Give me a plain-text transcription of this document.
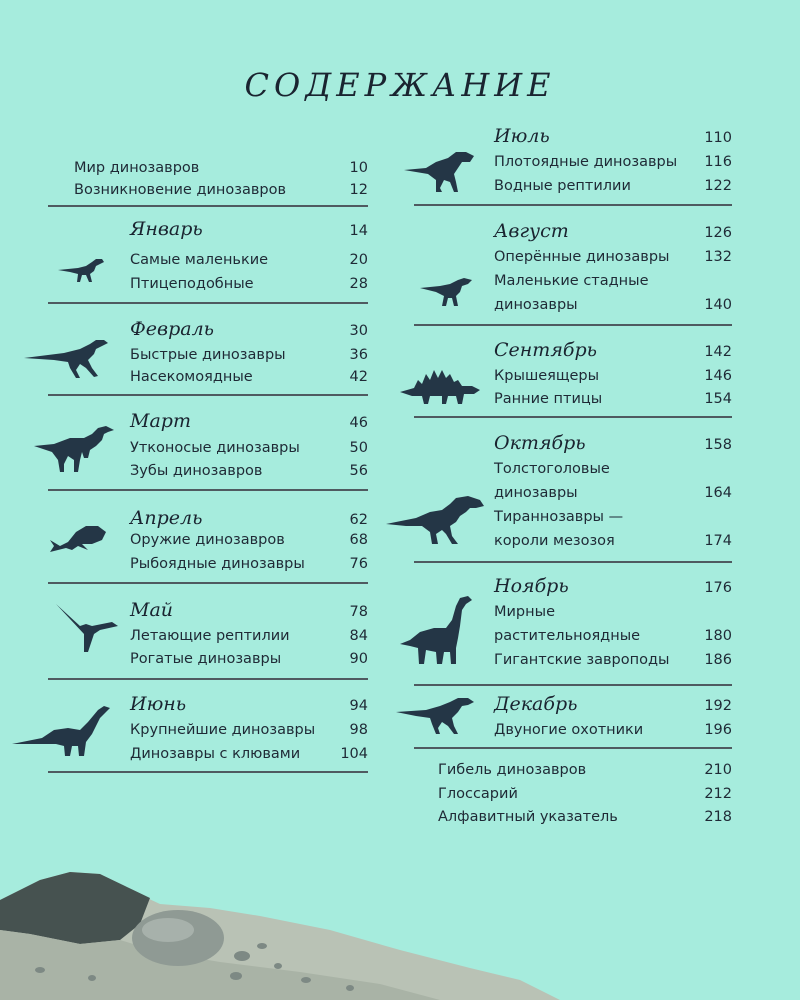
СОДЕРЖАНИЕ
Мир динозавров	10
Возникновение динозавров	12
Январь	14
Самые маленькие	20
Птицеподобные	28
Февраль	30
Быстрые динозавры	36
Насекомоядные	42
Март	46
Утконосые динозавры	50
Зубы динозавров	56
Апрель	62
Оружие динозавров	68
Рыбоядные динозавры	76
Май	78
Летающие рептилии	84
Рогатые динозавры	90
Июнь	94
Крупнейшие динозавры 98
Динозавры с клювами	104
Июль	110
Плотоядные динозавры 116
Водные рептилии	122
Август	126
Оперённые динозавры 132
Маленькие стадные
динозавры	140
Сентябрь	142
Крышеящеры	146
Ранние птицы	154
Октябрь	158
Толстоголовые
динозавры	164
Тираннозавры —
короли мезозоя	174
Ноябрь	176
Мирные
растительноядные	180
Гигантские завроподы 186
Декабрь	192
Двуногие охотники	196
Гибель динозавров	210
Глоссарий	212
Алфавитный указатель	218
